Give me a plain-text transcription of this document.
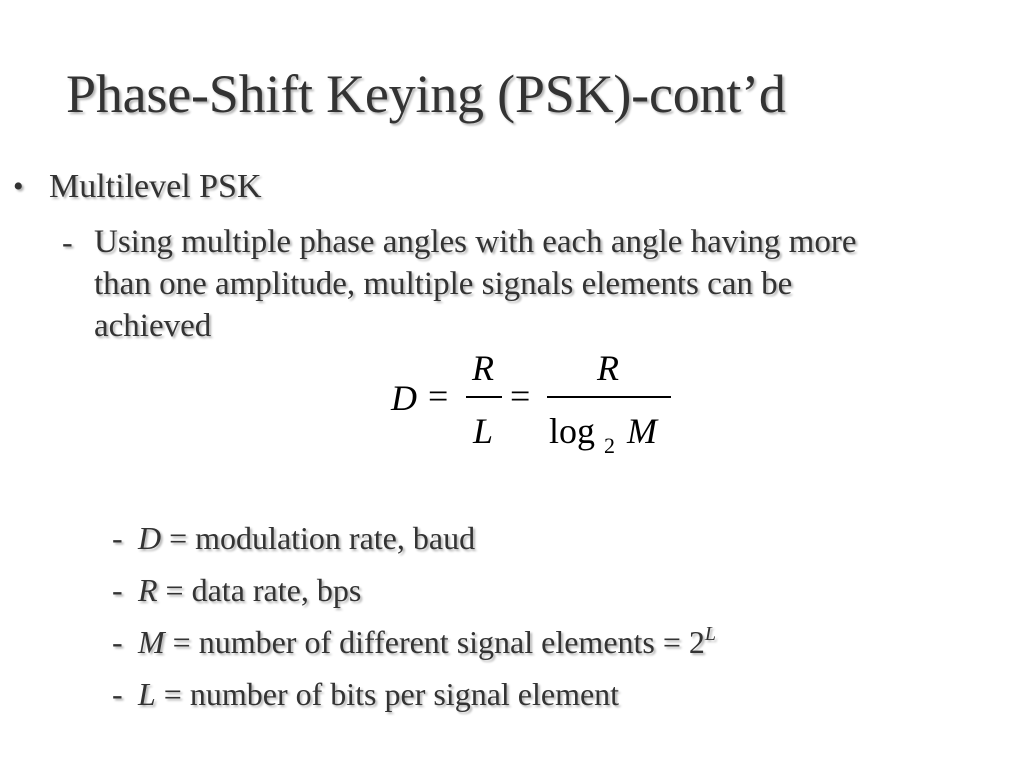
Phase-Shift Keying (PSK)-cont’d
• Multilevel PSK
- Using multiple phase angles with each angle having more
than one amplitude, multiple signals elements can be
achieved
D =
R
L
=
R
log 2 M
- D = modulation rate, baud
- R = data rate, bps
- M = number of different signal elements = $2^L$
- L = number of bits per signal element
